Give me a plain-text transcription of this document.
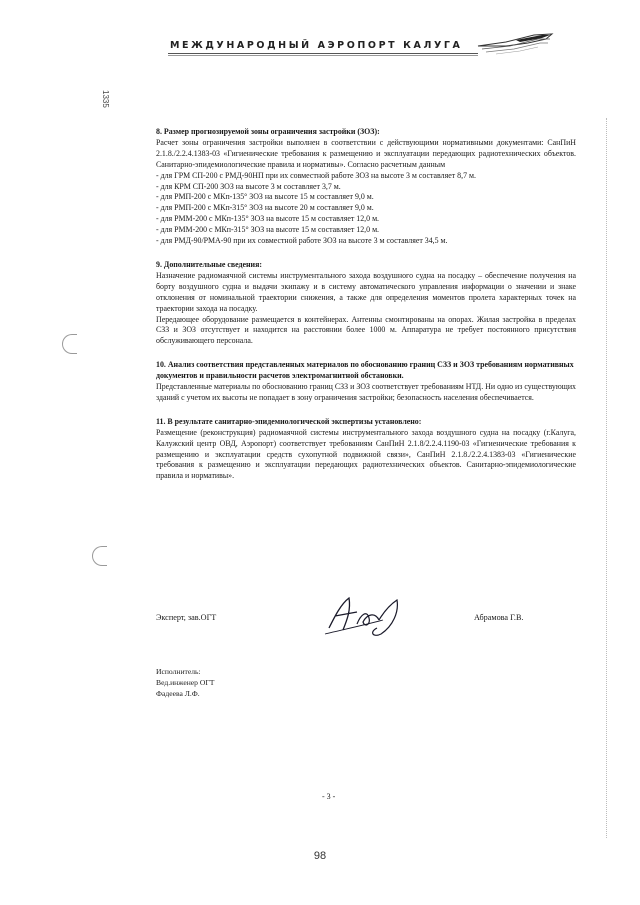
МЕЖДУНАРОДНЫЙ АЭРОПОРТ КАЛУГА
1335

8. Размер прогнозируемой зоны ограничения застройки (ЗОЗ):

Расчет зоны ограничения застройки выполнен в соответствии с действующими нормативными документами: СанПиН 2.1.8./2.2.4.1383-03 «Гигиенические требования к размещению и эксплуатации передающих радиотехнических объектов. Санитарно-эпидемиологические правила и нормативы». Согласно расчетным данным

- для ГРМ СП-200 с РМД-90НП при их совместной работе ЗОЗ на высоте 3 м составляет 8,7 м.

- для КРМ СП-200 ЗОЗ на высоте 3 м составляет 3,7 м.

- для РМП-200 с МКп-135° ЗОЗ на высоте 15 м составляет 9,0 м.

- для РМП-200 с МКп-315° ЗОЗ на высоте 20 м составляет 9,0 м.

- для РММ-200 с МКп-135° ЗОЗ на высоте 15 м составляет 12,0 м.

- для РММ-200 с МКп-315° ЗОЗ на высоте 15 м составляет 12,0 м.

- для РМД-90/РМА-90 при их совместной работе ЗОЗ на высоте 3 м составляет 34,5 м.

9. Дополнительные сведения:

Назначение радиомаячной системы инструментального захода воздушного судна на посадку – обеспечение получения на борту воздушного судна и выдачи экипажу и в систему автоматического управления информации о значении и знаке отклонения от номинальной траектории снижения, а также для определения моментов пролета характерных точек на траектории захода на посадку.

Передающее оборудование размещается в контейнерах. Антенны смонтированы на опорах. Жилая застройка в пределах СЗЗ и ЗОЗ отсутствует и находится на расстоянии более 1000 м. Аппаратура не требует постоянного присутствия обслуживающего персонала.

10. Анализ соответствия представленных материалов по обоснованию границ СЗЗ и ЗОЗ требованиям нормативных документов и правильности расчетов электромагнитной обстановки.

Представленные материалы по обоснованию границ СЗЗ и ЗОЗ соответствует требованиям НТД. Ни одно из существующих зданий с учетом их высоты не попадает в зону ограничения застройки; безопасность населения обеспечивается.

11. В результате санитарно-эпидемиологической экспертизы установлено:

Размещение (реконструкция) радиомаячной системы инструментального захода воздушного судна на посадку (г.Калуга, Калужский центр ОВД, Аэропорт) соответствует требованиям СанПиН 2.1.8/2.2.4.1190-03 «Гигиенические требования к размещению и эксплуатации средств сухопутной подвижной связи», СанПиН 2.1.8./2.2.4.1383-03 «Гигиенические требования к размещению и эксплуатации передающих радиотехнических объектов. Санитарно-эпидемиологические правила и нормативы».

Эксперт, зав.ОГТ	Абрамова Г.В.
Исполнитель:
Вед.инженер ОГТ
Фадеева Л.Ф.
- 3 -
98
